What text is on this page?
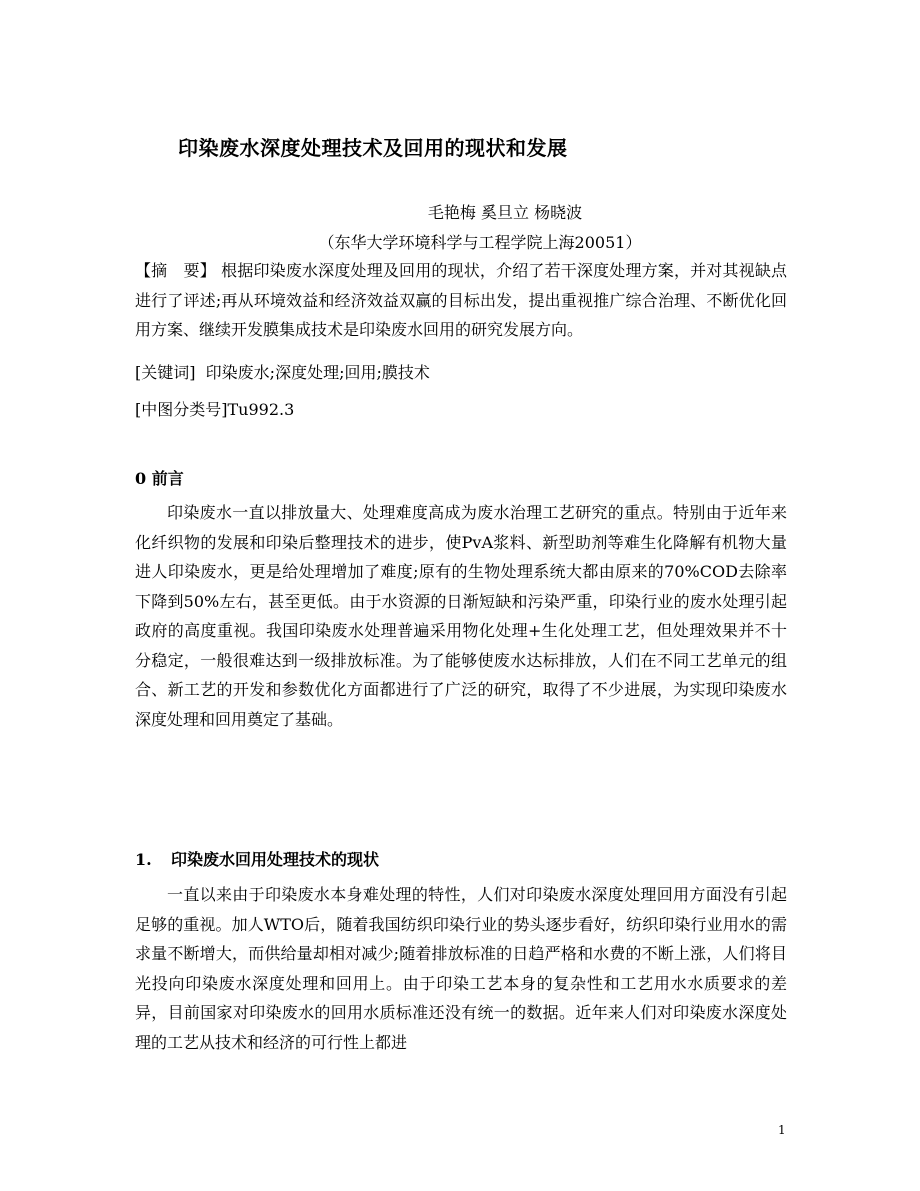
印染废水深度处理技术及回用的现状和发展
毛艳梅 奚旦立 杨晓波
（东华大学环境科学与工程学院上海20051）
【摘　要】 根据印染废水深度处理及回用的现状，介绍了若干深度处理方案，并对其视缺点进行了评述;再从环境效益和经济效益双赢的目标出发，提出重视推广综合治理、不断优化回用方案、继续开发膜集成技术是印染废水回用的研究发展方向。
[关键词] 印染废水;深度处理;回用;膜技术
[中图分类号]Tu992.3
0 前言
印染废水一直以排放量大、处理难度高成为废水治理工艺研究的重点。特别由于近年来化纤织物的发展和印染后整理技术的进步，使PvA浆料、新型助剂等难生化降解有机物大量进人印染废水，更是给处理增加了难度;原有的生物处理系统大都由原来的70%COD去除率下降到50%左右，甚至更低。由于水资源的日渐短缺和污染严重，印染行业的废水处理引起政府的高度重视。我国印染废水处理普遍采用物化处理+生化处理工艺，但处理效果并不十分稳定，一般很难达到一级排放标准。为了能够使废水达标排放，人们在不同工艺单元的组合、新工艺的开发和参数优化方面都进行了广泛的研究，取得了不少进展，为实现印染废水深度处理和回用奠定了基础。
1. 印染废水回用处理技术的现状
一直以来由于印染废水本身难处理的特性，人们对印染废水深度处理回用方面没有引起足够的重视。加人WTO后，随着我国纺织印染行业的势头逐步看好，纺织印染行业用水的需求量不断增大，而供给量却相对减少;随着排放标准的日趋严格和水费的不断上涨，人们将目光投向印染废水深度处理和回用上。由于印染工艺本身的复杂性和工艺用水水质要求的差异，目前国家对印染废水的回用水质标准还没有统一的数据。近年来人们对印染废水深度处理的工艺从技术和经济的可行性上都进
1
